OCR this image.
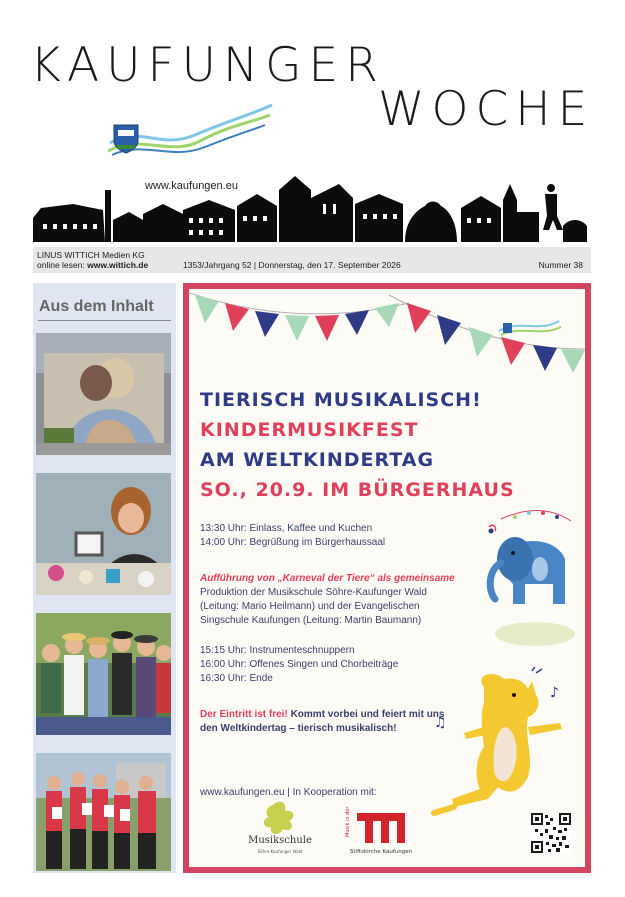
KAUFUNGER
WOCHE
www.kaufungen.eu
LINUS WITTICH Medien KG
online lesen: www.wittich.de	1353/Jahrgang 52 | Donnerstag, den 17. September 2026	Nummer 38
Aus dem Inhalt
TIERISCH MUSIKALISCH!
KINDERMUSIKFEST
AM WELTKINDERTAG
SO., 20.9. IM BÜRGERHAUS
13:30 Uhr: Einlass, Kaffee und Kuchen
14:00 Uhr: Begrüßung im Bürgerhaussaal
Aufführung von „Karneval der Tiere“ als gemeinsame
Produktion der Musikschule Söhre-Kaufunger Wald
(Leitung: Mario Heilmann) und der Evangelischen
Singschule Kaufungen (Leitung: Martin Baumann)
15:15 Uhr: Instrumenteschnuppern
16:00 Uhr: Offenes Singen und Chorbeiträge
16:30 Uhr: Ende
Der Eintritt ist frei! Kommt vorbei und feiert mit uns
den Weltkindertag – tierisch musikalisch!
www.kaufungen.eu | In Kooperation mit:
♪
♫
Musikschule
Söhre-Kaufunger Wald
Musik in der
Stiftskirche Kaufungen
